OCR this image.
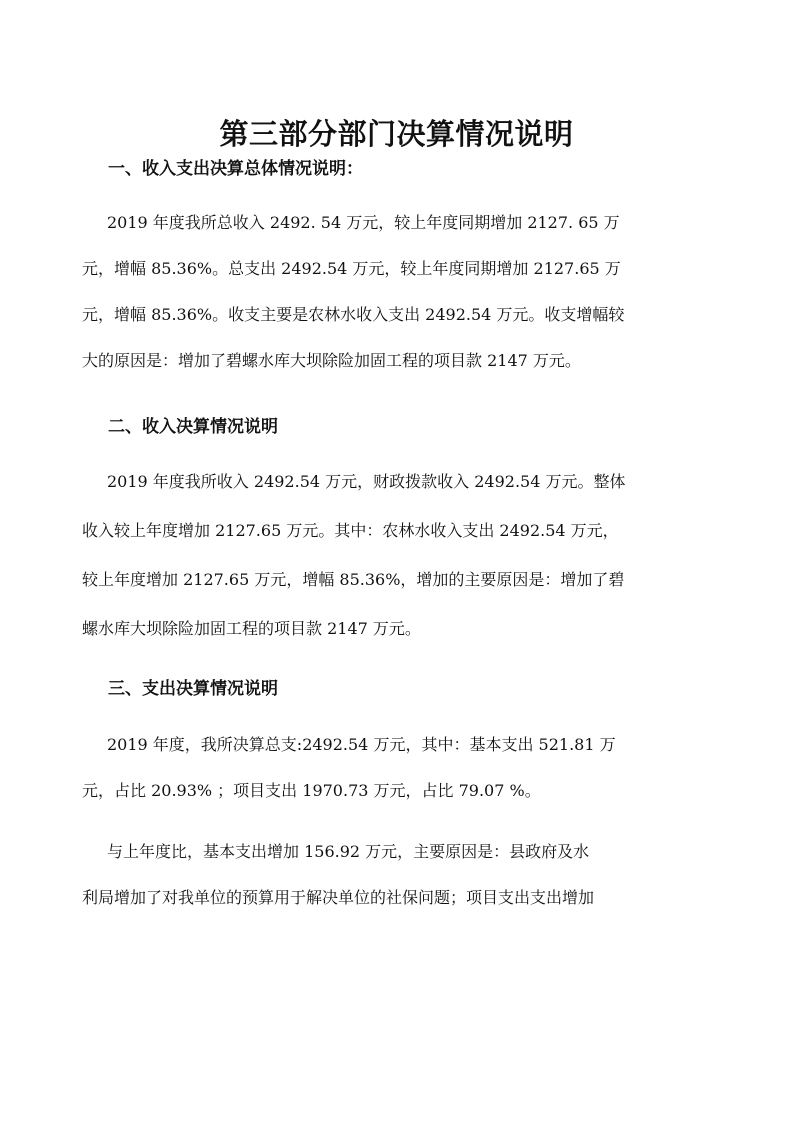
第三部分部门决算情况说明
一、收入支出决算总体情况说明：
2019 年度我所总收入 2492. 54 万元，较上年度同期增加 2127. 65 万
元，增幅 85.36%。总支出 2492.54 万元，较上年度同期增加 2127.65 万
元，增幅 85.36%。收支主要是农林水收入支出 2492.54 万元。收支增幅较
大的原因是：增加了碧螺水库大坝除险加固工程的项目款 2147 万元。
二、收入决算情况说明
2019 年度我所收入 2492.54 万元，财政拨款收入 2492.54 万元。整体
收入较上年度增加 2127.65 万元。其中：农林水收入支出 2492.54 万元，
较上年度增加 2127.65 万元，增幅 85.36%，增加的主要原因是：增加了碧
螺水库大坝除险加固工程的项目款 2147 万元。
三、支出决算情况说明
2019 年度，我所决算总支:2492.54 万元，其中：基本支出 521.81 万
元，占比 20.93% ；项目支出 1970.73 万元，占比 79.07 %。
与上年度比，基本支出增加 156.92 万元，主要原因是：县政府及水
利局增加了对我单位的预算用于解决单位的社保问题；项目支出支出增加
